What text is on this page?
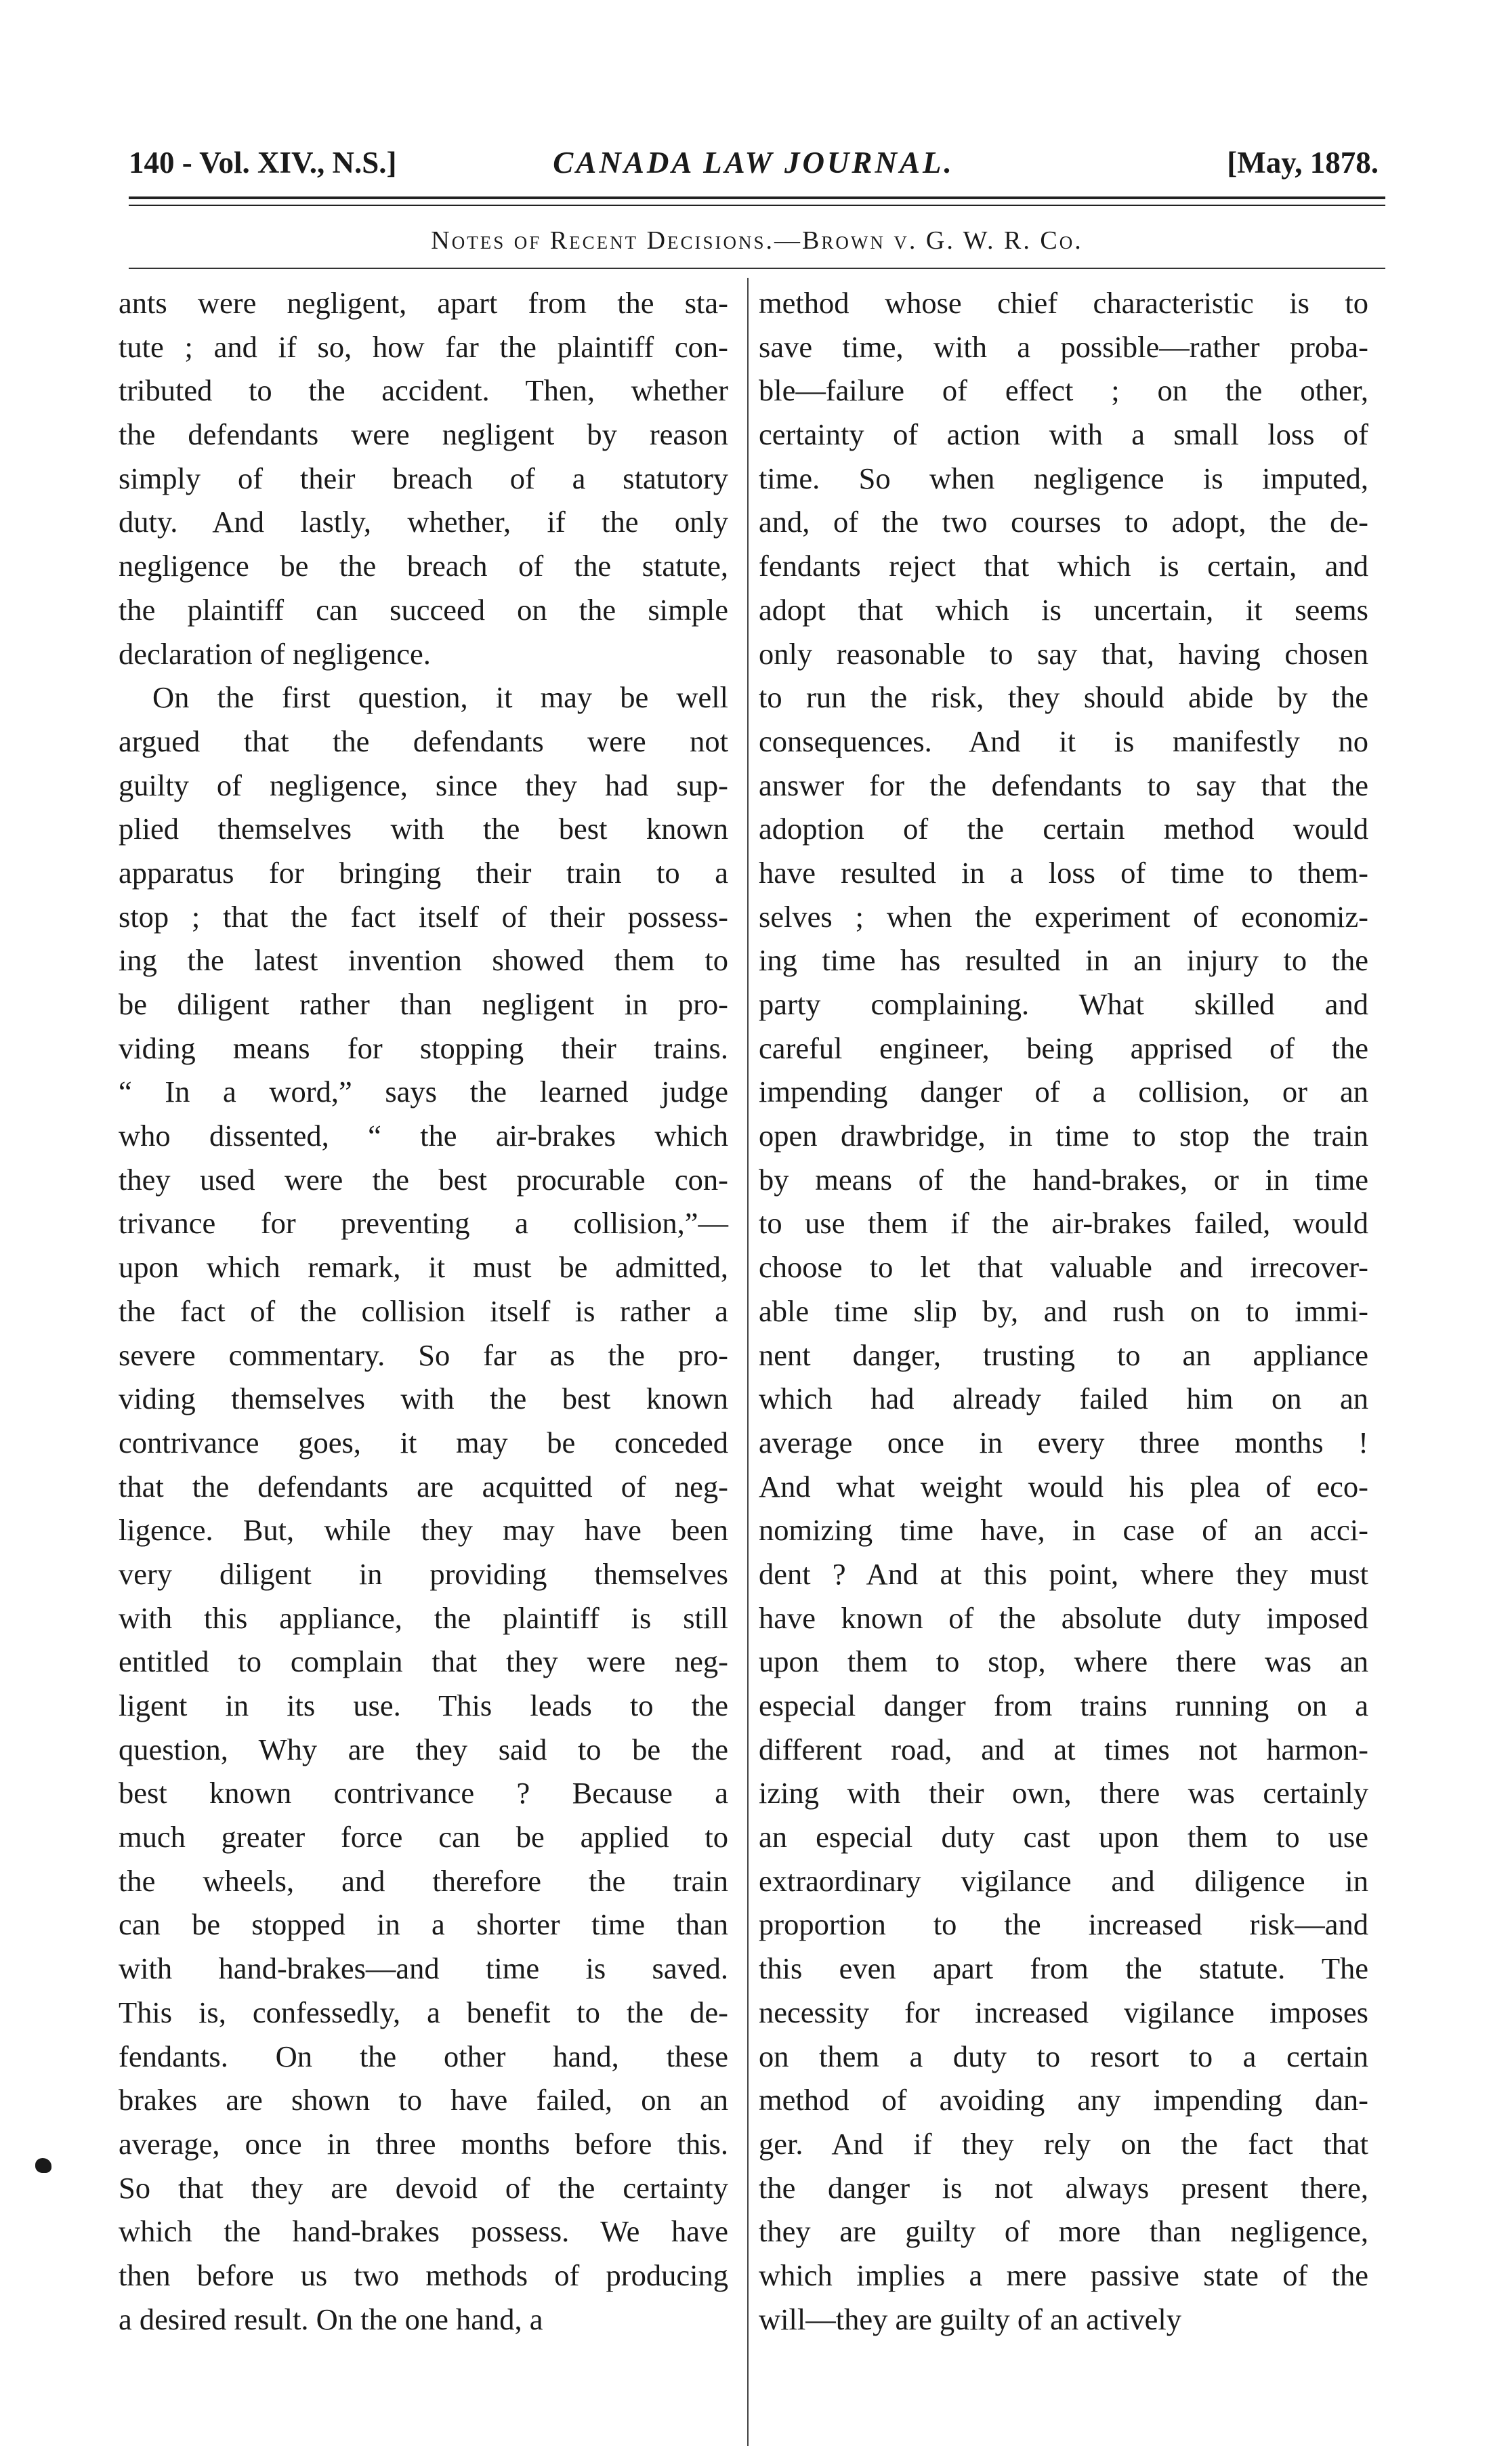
140 - Vol. XIV., N.S.]	CANADA LAW JOURNAL.	[May, 1878.
Notes of Recent Decisions.—Brown v. G. W. R. Co.
ants were negligent, apart from the sta-
tute ; and if so, how far the plaintiff con-
tributed to the accident. Then, whether
the defendants were negligent by reason
simply of their breach of a statutory
duty. And lastly, whether, if the only
negligence be the breach of the statute,
the plaintiff can succeed on the simple
declaration of negligence.
On the first question, it may be well
argued that the defendants were not
guilty of negligence, since they had sup-
plied themselves with the best known
apparatus for bringing their train to a
stop ; that the fact itself of their possess-
ing the latest invention showed them to
be diligent rather than negligent in pro-
viding means for stopping their trains.
“ In a word,” says the learned judge
who dissented, “ the air-brakes which
they used were the best procurable con-
trivance for preventing a collision,”—
upon which remark, it must be admitted,
the fact of the collision itself is rather a
severe commentary. So far as the pro-
viding themselves with the best known
contrivance goes, it may be conceded
that the defendants are acquitted of neg-
ligence. But, while they may have been
very diligent in providing themselves
with this appliance, the plaintiff is still
entitled to complain that they were neg-
ligent in its use. This leads to the
question, Why are they said to be the
best known contrivance ? Because a
much greater force can be applied to
the wheels, and therefore the train
can be stopped in a shorter time than
with hand-brakes—and time is saved.
This is, confessedly, a benefit to the de-
fendants. On the other hand, these
brakes are shown to have failed, on an
average, once in three months before this.
So that they are devoid of the certainty
which the hand-brakes possess. We have
then before us two methods of producing
a desired result. On the one hand, a
method whose chief characteristic is to
save time, with a possible—rather proba-
ble—failure of effect ; on the other,
certainty of action with a small loss of
time. So when negligence is imputed,
and, of the two courses to adopt, the de-
fendants reject that which is certain, and
adopt that which is uncertain, it seems
only reasonable to say that, having chosen
to run the risk, they should abide by the
consequences. And it is manifestly no
answer for the defendants to say that the
adoption of the certain method would
have resulted in a loss of time to them-
selves ; when the experiment of economiz-
ing time has resulted in an injury to the
party complaining. What skilled and
careful engineer, being apprised of the
impending danger of a collision, or an
open drawbridge, in time to stop the train
by means of the hand-brakes, or in time
to use them if the air-brakes failed, would
choose to let that valuable and irrecover-
able time slip by, and rush on to immi-
nent danger, trusting to an appliance
which had already failed him on an
average once in every three months !
And what weight would his plea of eco-
nomizing time have, in case of an acci-
dent ? And at this point, where they must
have known of the absolute duty imposed
upon them to stop, where there was an
especial danger from trains running on a
different road, and at times not harmon-
izing with their own, there was certainly
an especial duty cast upon them to use
extraordinary vigilance and diligence in
proportion to the increased risk—and
this even apart from the statute. The
necessity for increased vigilance imposes
on them a duty to resort to a certain
method of avoiding any impending dan-
ger. And if they rely on the fact that
the danger is not always present there,
they are guilty of more than negligence,
which implies a mere passive state of the
will—they are guilty of an actively
